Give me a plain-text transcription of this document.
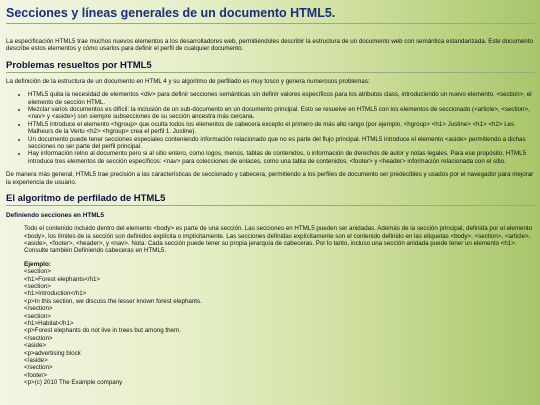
Secciones y líneas generales de un documento HTML5.

La especificación HTML5 trae muchos nuevos elementos a los desarrolladores web, permitiéndoles describir la estructura de un documento web con semántica estandarizada. Este documento describe estos elementos y cómo usarlos para definir el perfil de cualquier documento.

Problemas resueltos por HTML5

La definición de la estructura de un documento en HTML 4 y su algoritmo de perfilado es muy tosco y genera numerosos problemas:

• HTML5 quita la necesidad de elementos <div> para definir secciones semánticas sin definir valores específicos para los atributos class, introduciendo un nuevo elemento, <section>, el elemento de sección HTML.
• Mezclar varios documentos es difícil: la inclusión de un sub-documento en un documento principal. Esto se resuelve en HTML5 con los elementos de seccionado (<article>, <section>, <nav> y <aside>) son siempre subsecciones de su sección ancestra más cercana.
• HTML5 introduce el elemento <hgroup> que oculta todos los elementos de cabecera excepto el primero de más alto rango (por ejemplo, <hgroup> <h1> Justine> <h1> <h2> Les Malheurs de la Vertu <h2> <hgroup> crea el perfil 1. Justine).
• Un documento puede tener secciones especiales conteniendo información relacionado que no es parte del flujo principal. HTML5 introduce el elemento <aside> permitiendo a dichas secciones no ser parte del perfil principal.
• Hay información relno al documento pero si al sitio entero, como logos, menús, tablas de contenidos, o información de derechos de autor y notas legales. Para ese propósito, HTML5 introduce tres elementos de sección específicos: <nav> para colecciones de enlaces, como una tabla de contenidos, <footer> y <header> información relacionada con el sitio.

De manera más general, HTML5 trae precisión a las características de seccionado y cabecera, permitiendo a los perfiles de documento ser predecibles y usados por el navegador para mejorar la experiencia de usuario.

El algoritmo de perfilado de HTML5
Definiendo secciones en HTML5

Todo el contenido incluido dentro del elemento <body> es parte de una sección. Las secciones en HTML5 pueden ser anidadas. Además de la sección principal, definida por el elemento <body>, los límites de la sección son definidos explícita o implícitamente. Las secciones definidas explícitamente son el contenido definido en las etiquetas <body>, <section>, <article>, <aside>, <footer>, <header>, y <nav>. Nota: Cada sección puede tener su propia jerarquía de cabeceras. Por lo tanto, incluso una sección anidada puede tener un elemento <h1>. Consulte también Definiendo cabeceras en HTML5.

Ejemplo:
<section>
<h1>Forest elephants</h1>
<section>
<h1>Introduction</h1>
<p>In this section, we discuss the lesser known forest elephants.
</section>
<section>
<h1>Habitat</h1>
<p>Forest elephants do not live in trees but among them.
</section>
<aside>
<p>advertising block
</aside>
</section>
<footer>
<p>(c) 2010 The Example company
